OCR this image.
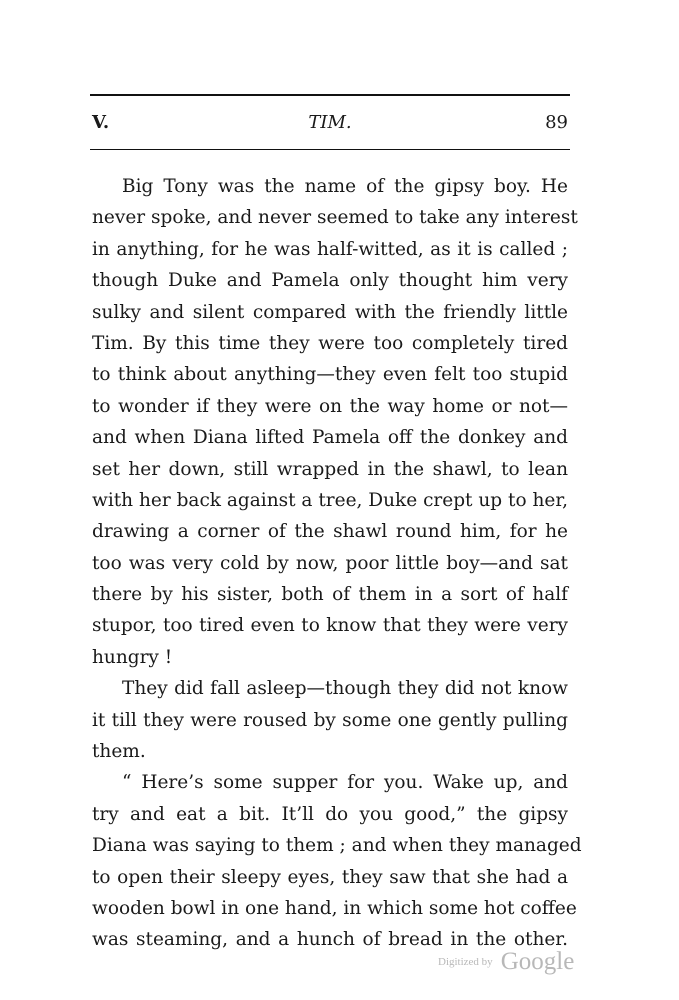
V.	TIM.	89
Big Tony was the name of the gipsy boy. He
never spoke, and never seemed to take any interest
in anything, for he was half-witted, as it is called ;
though Duke and Pamela only thought him very
sulky and silent compared with the friendly little
Tim. By this time they were too completely tired
to think about anything—they even felt too stupid
to wonder if they were on the way home or not—
and when Diana lifted Pamela off the donkey and
set her down, still wrapped in the shawl, to lean
with her back against a tree, Duke crept up to her,
drawing a corner of the shawl round him, for he
too was very cold by now, poor little boy—and sat
there by his sister, both of them in a sort of half
stupor, too tired even to know that they were very
hungry !
They did fall asleep—though they did not know
it till they were roused by some one gently pulling
them.
“ Here’s some supper for you. Wake up, and
try and eat a bit. It’ll do you good,” the gipsy
Diana was saying to them ; and when they managed
to open their sleepy eyes, they saw that she had a
wooden bowl in one hand, in which some hot coffee
was steaming, and a hunch of bread in the other.
Digitized by Google
